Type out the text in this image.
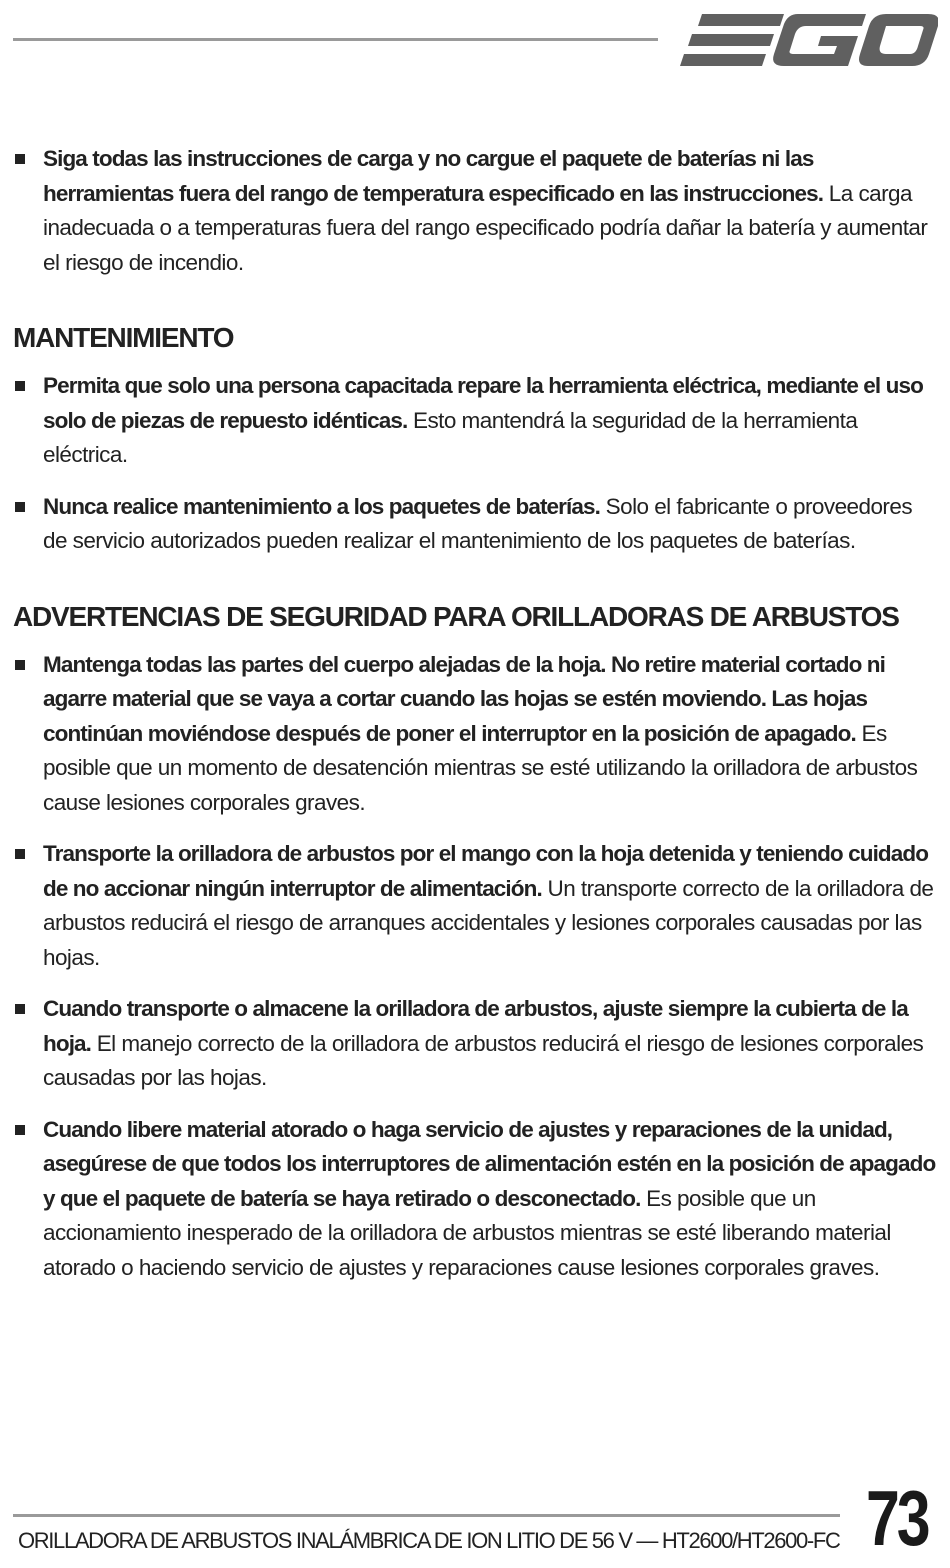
Siga todas las instrucciones de carga y no cargue el paquete de baterías ni las herramientas fuera del rango de temperatura especificado en las instrucciones. La carga inadecuada o a temperaturas fuera del rango especificado podría dañar la batería y aumentar el riesgo de incendio.
MANTENIMIENTO
Permita que solo una persona capacitada repare la herramienta eléctrica, mediante el uso solo de piezas de repuesto idénticas. Esto mantendrá la seguridad de la herramienta eléctrica.
Nunca realice mantenimiento a los paquetes de baterías. Solo el fabricante o proveedores de servicio autorizados pueden realizar el mantenimiento de los paquetes de baterías.
ADVERTENCIAS DE SEGURIDAD PARA ORILLADORAS DE ARBUSTOS
Mantenga todas las partes del cuerpo alejadas de la hoja. No retire material cortado ni agarre material que se vaya a cortar cuando las hojas se estén moviendo. Las hojas continúan moviéndose después de poner el interruptor en la posición de apagado. Es posible que un momento de desatención mientras se esté utilizando la orilladora de arbustos cause lesiones corporales graves.
Transporte la orilladora de arbustos por el mango con la hoja detenida y teniendo cuidado de no accionar ningún interruptor de alimentación. Un transporte correcto de la orilladora de arbustos reducirá el riesgo de arranques accidentales y lesiones corporales causadas por las hojas.
Cuando transporte o almacene la orilladora de arbustos, ajuste siempre la cubierta de la hoja. El manejo correcto de la orilladora de arbustos reducirá el riesgo de lesiones corporales causadas por las hojas.
Cuando libere material atorado o haga servicio de ajustes y reparaciones de la unidad, asegúrese de que todos los interruptores de alimentación estén en la posición de apagado y que el paquete de batería se haya retirado o desconectado. Es posible que un accionamiento inesperado de la orilladora de arbustos mientras se esté liberando material atorado o haciendo servicio de ajustes y reparaciones cause lesiones corporales graves.
ORILLADORA DE ARBUSTOS INALÁMBRICA DE ION LITIO DE 56 V — HT2600/HT2600-FC 73
